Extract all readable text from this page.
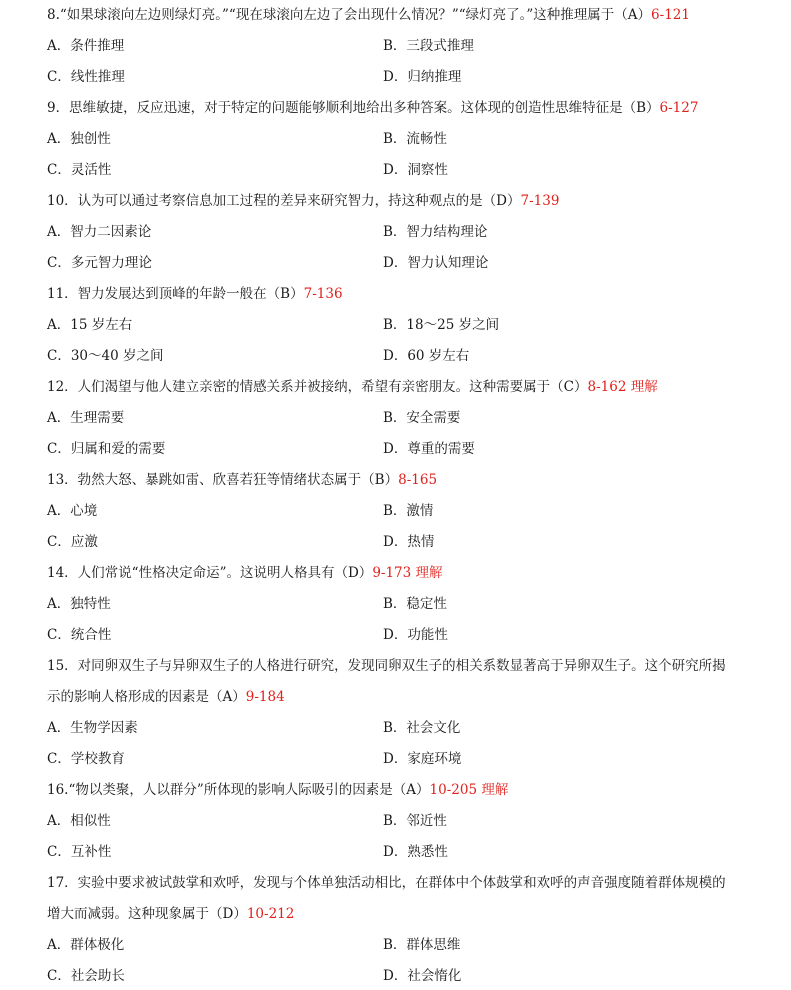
8.“如果球滚向左边则绿灯亮。”“现在球滚向左边了会出现什么情况？”“绿灯亮了。”这种推理属于（A）6-121
A．条件推理	B．三段式推理
C．线性推理	D．归纳推理
9．思维敏捷，反应迅速，对于特定的问题能够顺利地给出多种答案。这体现的创造性思维特征是（B）6-127
A．独创性	B．流畅性
C．灵活性	D．洞察性
10．认为可以通过考察信息加工过程的差异来研究智力，持这种观点的是（D）7-139
A．智力二因素论	B．智力结构理论
C．多元智力理论	D．智力认知理论
11．智力发展达到顶峰的年龄一般在（B）7-136
A．15 岁左右	B．18～25 岁之间
C．30～40 岁之间	D．60 岁左右
12．人们渴望与他人建立亲密的情感关系并被接纳，希望有亲密朋友。这种需要属于（C）8-162 理解
A．生理需要	B．安全需要
C．归属和爱的需要	D．尊重的需要
13．勃然大怒、暴跳如雷、欣喜若狂等情绪状态属于（B）8-165
A．心境	B．激情
C．应激	D．热情
14．人们常说“性格决定命运”。这说明人格具有（D）9-173 理解
A．独特性	B．稳定性
C．统合性	D．功能性
15．对同卵双生子与异卵双生子的人格进行研究，发现同卵双生子的相关系数显著高于异卵双生子。这个研究所揭
示的影响人格形成的因素是（A）9-184
A．生物学因素	B．社会文化
C．学校教育	D．家庭环境
16.“物以类聚，人以群分”所体现的影响人际吸引的因素是（A）10-205 理解
A．相似性	B．邻近性
C．互补性	D．熟悉性
17．实验中要求被试鼓掌和欢呼，发现与个体单独活动相比，在群体中个体鼓掌和欢呼的声音强度随着群体规模的
增大而减弱。这种现象属于（D）10-212
A．群体极化	B．群体思维
C．社会助长	D．社会惰化
